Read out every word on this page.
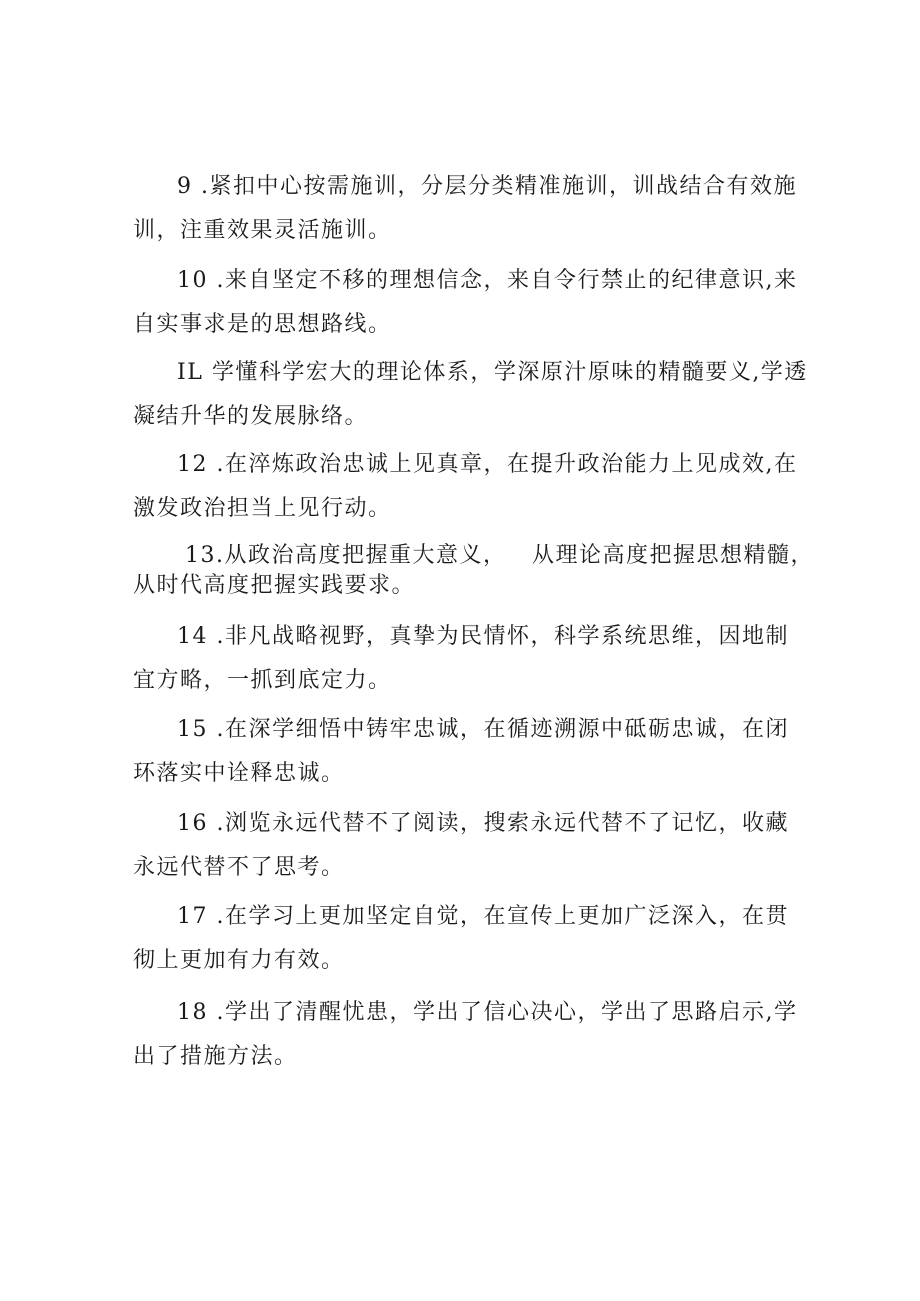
9 .紧扣中心按需施训，分层分类精准施训，训战结合有效施
训，注重效果灵活施训。
10 .来自坚定不移的理想信念，来自令行禁止的纪律意识,来
自实事求是的思想路线。
IL 学懂科学宏大的理论体系，学深原汁原味的精髓要义,学透
凝结升华的发展脉络。
12 .在淬炼政治忠诚上见真章，在提升政治能力上见成效,在
激发政治担当上见行动。
13.从政治高度把握重大意义，   从理论高度把握思想精髓，
从时代高度把握实践要求。
14 .非凡战略视野，真挚为民情怀，科学系统思维，因地制
宜方略，一抓到底定力。
15 .在深学细悟中铸牢忠诚，在循迹溯源中砥砺忠诚，在闭
环落实中诠释忠诚。
16 .浏览永远代替不了阅读，搜索永远代替不了记忆，收藏
永远代替不了思考。
17 .在学习上更加坚定自觉，在宣传上更加广泛深入，在贯
彻上更加有力有效。
18 .学出了清醒忧患，学出了信心决心，学出了思路启示,学
出了措施方法。
